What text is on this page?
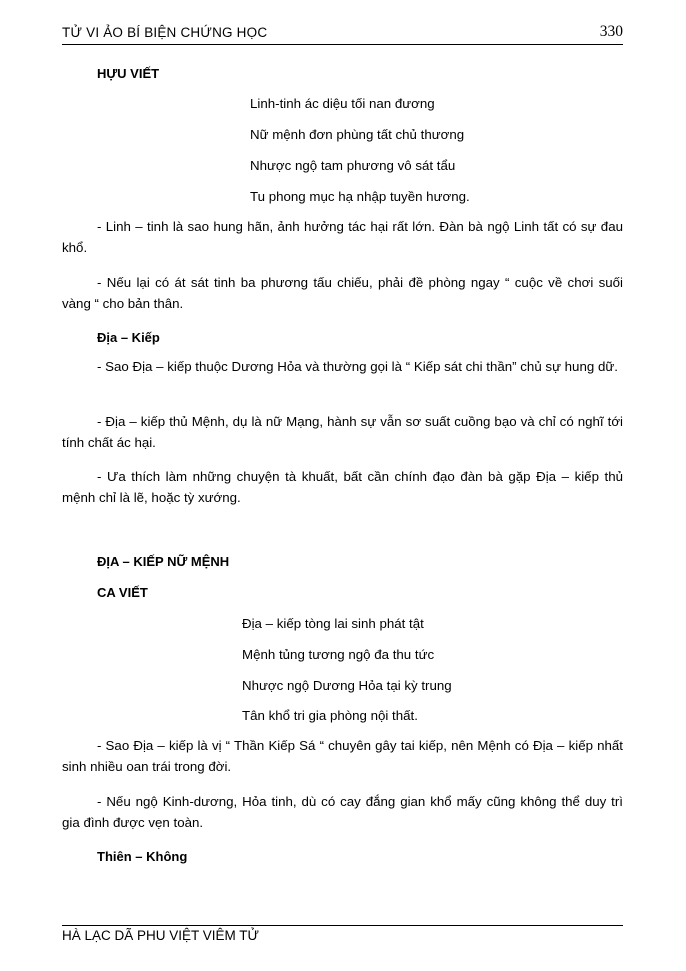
TỬ VI ẢO BÍ BIỆN CHỨNG HỌC	330
HỰU VIẾT
Linh-tinh ác diệu tối nan đương
Nữ mệnh đơn phùng tất chủ thương
Nhược ngộ tam phương vô sát tẩu
Tu phong mục hạ nhập tuyền hương.
- Linh – tinh là sao hung hãn, ảnh hưởng tác hại rất lớn. Đàn bà ngộ Linh tất có sự đau khổ.
- Nếu lại có át sát tinh ba phương tấu chiếu, phải đề phòng ngay “ cuộc về chơi suối vàng “ cho bản thân.
Địa – Kiếp
- Sao Địa – kiếp thuộc Dương Hỏa và thường gọi là “ Kiếp sát chi thần” chủ sự hung dữ.
- Địa – kiếp thủ Mệnh, dụ là nữ Mạng, hành sự vẫn sơ suất cuồng bạo và chỉ có nghĩ tới tính chất ác hại.
- Ưa thích làm những chuyện tà khuất, bất cần chính đạo đàn bà gặp Địa – kiếp thủ mệnh chỉ là lẽ, hoặc tỳ xướng.
ĐỊA – KIẾP NỮ MỆNH
CA VIẾT
Địa – kiếp tòng lai sinh phát tật
Mệnh tủng tương ngộ đa thu tức
Nhược ngộ Dương Hỏa tại kỳ trung
Tân khổ tri gia phòng nội thất.
- Sao Địa – kiếp là vị “ Thần Kiếp Sá “ chuyên gây tai kiếp, nên Mệnh có Địa – kiếp nhất sinh nhiều oan trái trong đời.
- Nếu ngộ Kinh-dương, Hỏa tinh, dù có cay đắng gian khổ mấy cũng không thể duy trì gia đình được vẹn toàn.
Thiên – Không
HÀ LẠC DÃ PHU VIỆT VIÊM TỬ
